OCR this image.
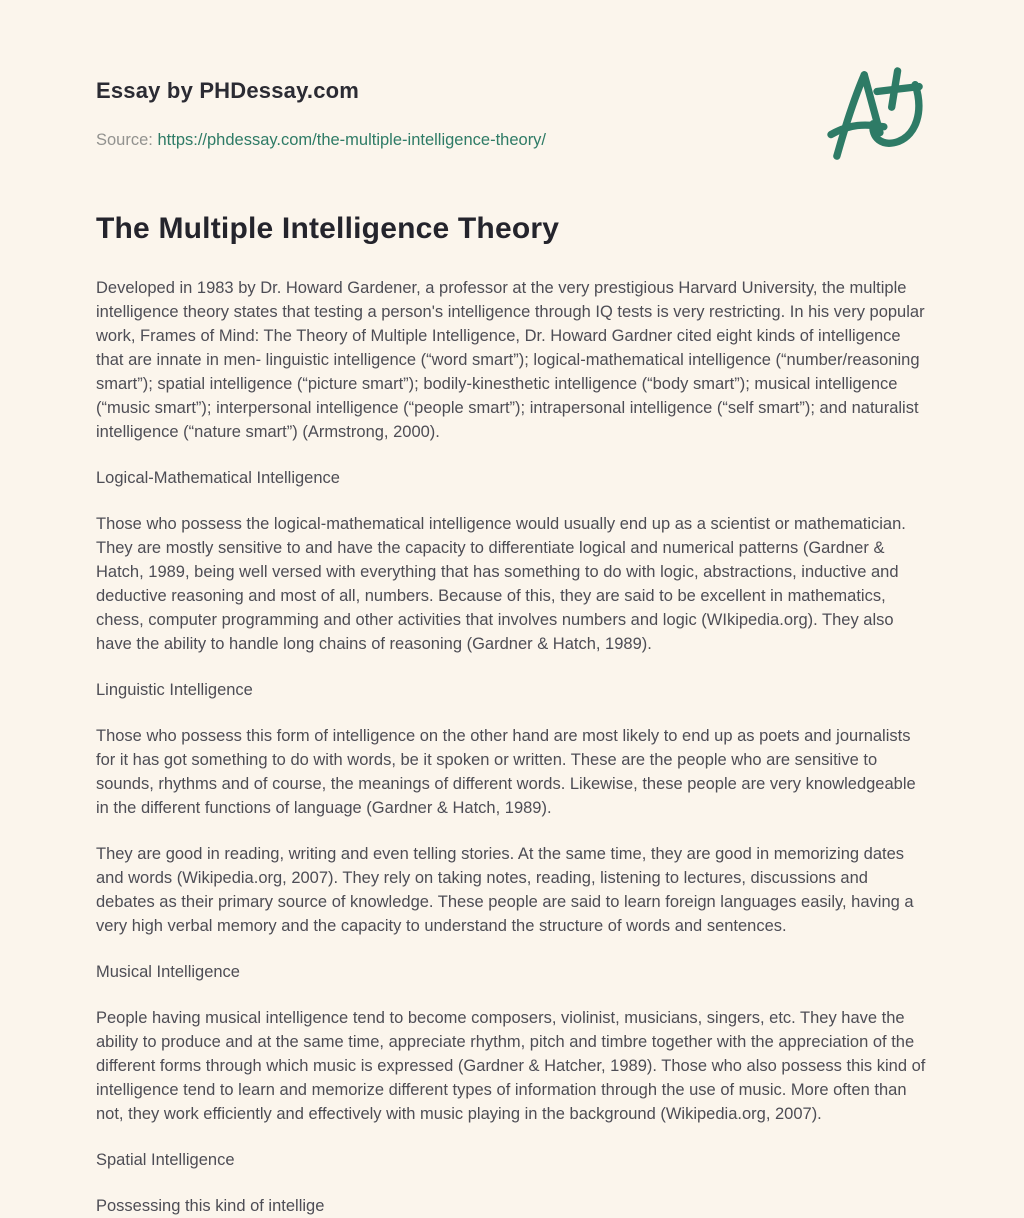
Essay by PHDessay.com
Source: https://phdessay.com/the-multiple-intelligence-theory/
The Multiple Intelligence Theory

Developed in 1983 by Dr. Howard Gardener, a professor at the very prestigious Harvard University, the multiple intelligence theory states that testing a person's intelligence through IQ tests is very restricting. In his very popular work, Frames of Mind: The Theory of Multiple Intelligence, Dr. Howard Gardner cited eight kinds of intelligence that are innate in men- linguistic intelligence (“word smart”); logical-mathematical intelligence (“number/reasoning smart”); spatial intelligence (“picture smart”); bodily-kinesthetic intelligence (“body smart”); musical intelligence (“music smart”); interpersonal intelligence (“people smart”); intrapersonal intelligence (“self smart”); and naturalist intelligence (“nature smart”) (Armstrong, 2000).

Logical-Mathematical Intelligence

Those who possess the logical-mathematical intelligence would usually end up as a scientist or mathematician. They are mostly sensitive to and have the capacity to differentiate logical and numerical patterns (Gardner & Hatch, 1989, being well versed with everything that has something to do with logic, abstractions, inductive and deductive reasoning and most of all, numbers. Because of this, they are said to be excellent in mathematics, chess, computer programming and other activities that involves numbers and logic (WIkipedia.org). They also have the ability to handle long chains of reasoning (Gardner & Hatch, 1989).

Linguistic Intelligence

Those who possess this form of intelligence on the other hand are most likely to end up as poets and journalists for it has got something to do with words, be it spoken or written. These are the people who are sensitive to sounds, rhythms and of course, the meanings of different words. Likewise, these people are very knowledgeable in the different functions of language (Gardner & Hatch, 1989).

They are good in reading, writing and even telling stories. At the same time, they are good in memorizing dates and words (Wikipedia.org, 2007). They rely on taking notes, reading, listening to lectures, discussions and debates as their primary source of knowledge. These people are said to learn foreign languages easily, having a very high verbal memory and the capacity to understand the structure of words and sentences.

Musical Intelligence

People having musical intelligence tend to become composers, violinist, musicians, singers, etc. They have the ability to produce and at the same time, appreciate rhythm, pitch and timbre together with the appreciation of the different forms through which music is expressed (Gardner & Hatcher, 1989). Those who also possess this kind of intelligence tend to learn and memorize different types of information through the use of music. More often than not, they work efficiently and effectively with music playing in the background (Wikipedia.org, 2007).

Spatial Intelligence

Possessing this kind of intellige
